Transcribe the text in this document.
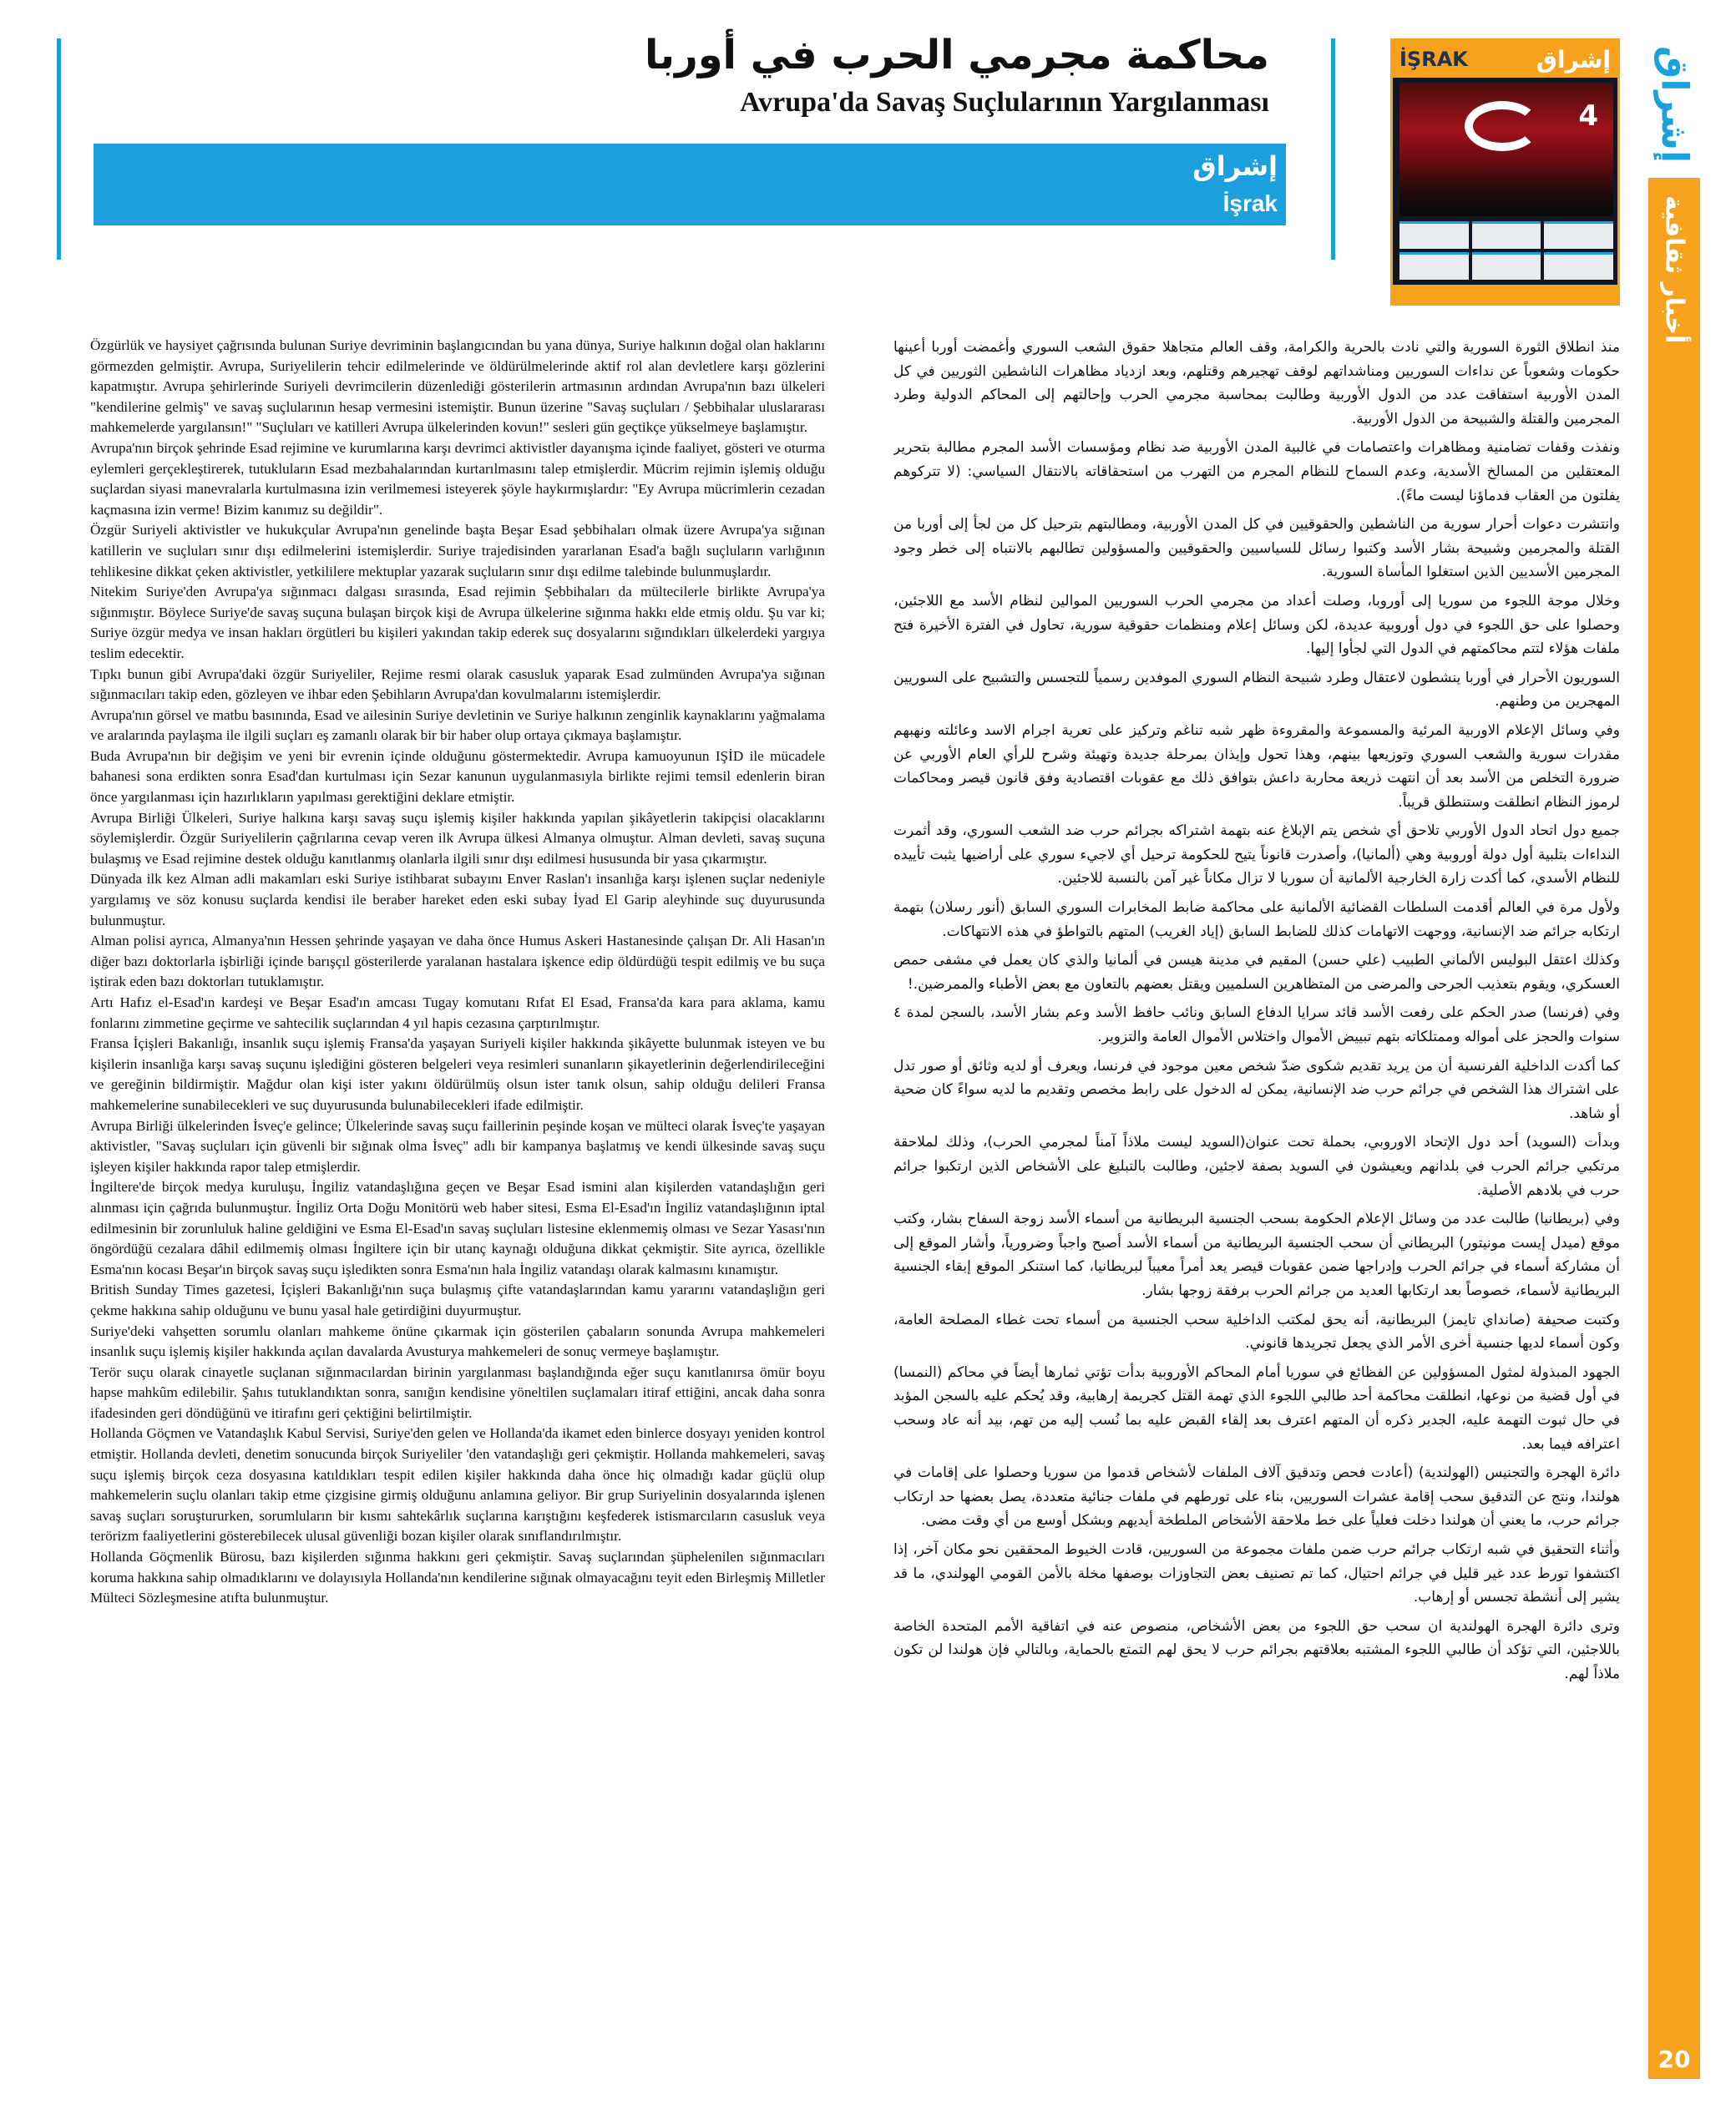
إشراق
أخبار ثقافية
20
İŞRAK	إشراق
4
محاكمة مجرمي الحرب في أوربا
Avrupa'da Savaş Suçlularının Yargılanması
إشراق
İşrak

Özgürlük ve haysiyet çağrısında bulunan Suriye devriminin başlangıcından bu yana dünya, Suriye halkının doğal olan haklarını görmezden gelmiştir. Avrupa, Suriyelilerin tehcir edilmelerinde ve öldürülmelerinde aktif rol alan devletlere karşı gözlerini kapatmıştır. Avrupa şehirlerinde Suriyeli devrimcilerin düzenlediği gösterilerin artmasının ardından Avrupa'nın bazı ülkeleri "kendilerine gelmiş" ve savaş suçlularının hesap vermesini istemiştir. Bunun üzerine "Savaş suçluları / Şebbihalar uluslararası mahkemelerde yargılansın!" "Suçluları ve katilleri Avrupa ülkelerinden kovun!" sesleri gün geçtikçe yükselmeye başlamıştır.

Avrupa'nın birçok şehrinde Esad rejimine ve kurumlarına karşı devrimci aktivistler dayanışma içinde faaliyet, gösteri ve oturma eylemleri gerçekleştirerek, tutukluların Esad mezbahalarından kurtarılmasını talep etmişlerdir. Mücrim rejimin işlemiş olduğu suçlardan siyasi manevralarla kurtulmasına izin verilmemesi isteyerek şöyle haykırmışlardır: "Ey Avrupa mücrimlerin cezadan kaçmasına izin verme! Bizim kanımız su değildir".

Özgür Suriyeli aktivistler ve hukukçular Avrupa'nın genelinde başta Beşar Esad şebbihaları olmak üzere Avrupa'ya sığınan katillerin ve suçluları sınır dışı edilmelerini istemişlerdir. Suriye trajedisinden yararlanan Esad'a bağlı suçluların varlığının tehlikesine dikkat çeken aktivistler, yetkililere mektuplar yazarak suçluların sınır dışı edilme talebinde bulunmuşlardır.

Nitekim Suriye'den Avrupa'ya sığınmacı dalgası sırasında, Esad rejimin Şebbihaları da mültecilerle birlikte Avrupa'ya sığınmıştır. Böylece Suriye'de savaş suçuna bulaşan birçok kişi de Avrupa ülkelerine sığınma hakkı elde etmiş oldu. Şu var ki; Suriye özgür medya ve insan hakları örgütleri bu kişileri yakından takip ederek suç dosyalarını sığındıkları ülkelerdeki yargıya teslim edecektir.

Tıpkı bunun gibi Avrupa'daki özgür Suriyeliler, Rejime resmi olarak casusluk yaparak Esad zulmünden Avrupa'ya sığınan sığınmacıları takip eden, gözleyen ve ihbar eden Şebihların Avrupa'dan kovulmalarını istemişlerdir.

Avrupa'nın görsel ve matbu basınında, Esad ve ailesinin Suriye devletinin ve Suriye halkının zenginlik kaynaklarını yağmalama ve aralarında paylaşma ile ilgili suçları eş zamanlı olarak bir bir haber olup ortaya çıkmaya başlamıştır.

Buda Avrupa'nın bir değişim ve yeni bir evrenin içinde olduğunu göstermektedir. Avrupa kamuoyunun IŞİD ile mücadele bahanesi sona erdikten sonra Esad'dan kurtulması için Sezar kanunun uygulanmasıyla birlikte rejimi temsil edenlerin biran önce yargılanması için hazırlıkların yapılması gerektiğini deklare etmiştir.

Avrupa Birliği Ülkeleri, Suriye halkına karşı savaş suçu işlemiş kişiler hakkında yapılan şikâyetlerin takipçisi olacaklarını söylemişlerdir. Özgür Suriyelilerin çağrılarına cevap veren ilk Avrupa ülkesi Almanya olmuştur. Alman devleti, savaş suçuna bulaşmış ve Esad rejimine destek olduğu kanıtlanmış olanlarla ilgili sınır dışı edilmesi hususunda bir yasa çıkarmıştır.

Dünyada ilk kez Alman adli makamları eski Suriye istihbarat subayını Enver Raslan'ı insanlığa karşı işlenen suçlar nedeniyle yargılamış ve söz konusu suçlarda kendisi ile beraber hareket eden eski subay İyad El Garip aleyhinde suç duyurusunda bulunmuştur.

Alman polisi ayrıca, Almanya'nın Hessen şehrinde yaşayan ve daha önce Humus Askeri Hastanesinde çalışan Dr. Ali Hasan'ın diğer bazı doktorlarla işbirliği içinde barışçıl gösterilerde yaralanan hastalara işkence edip öldürdüğü tespit edilmiş ve bu suça iştirak eden bazı doktorları tutuklamıştır.

Artı Hafız el-Esad'ın kardeşi ve Beşar Esad'ın amcası Tugay komutanı Rıfat El Esad, Fransa'da kara para aklama, kamu fonlarını zimmetine geçirme ve sahtecilik suçlarından 4 yıl hapis cezasına çarptırılmıştır.

Fransa İçişleri Bakanlığı, insanlık suçu işlemiş Fransa'da yaşayan Suriyeli kişiler hakkında şikâyette bulunmak isteyen ve bu kişilerin insanlığa karşı savaş suçunu işlediğini gösteren belgeleri veya resimleri sunanların şikayetlerinin değerlendirileceğini ve gereğinin bildirmiştir. Mağdur olan kişi ister yakını öldürülmüş olsun ister tanık olsun, sahip olduğu delileri Fransa mahkemelerine sunabilecekleri ve suç duyurusunda bulunabilecekleri ifade edilmiştir.

Avrupa Birliği ülkelerinden İsveç'e gelince; Ülkelerinde savaş suçu faillerinin peşinde koşan ve mülteci olarak İsveç'te yaşayan aktivistler, "Savaş suçluları için güvenli bir sığınak olma İsveç" adlı bir kampanya başlatmış ve kendi ülkesinde savaş suçu işleyen kişiler hakkında rapor talep etmişlerdir.

İngiltere'de birçok medya kuruluşu, İngiliz vatandaşlığına geçen ve Beşar Esad ismini alan kişilerden vatandaşlığın geri alınması için çağrıda bulunmuştur. İngiliz Orta Doğu Monitörü web haber sitesi, Esma El-Esad'ın İngiliz vatandaşlığının iptal edilmesinin bir zorunluluk haline geldiğini ve Esma El-Esad'ın savaş suçluları listesine eklenmemiş olması ve Sezar Yasası'nın öngördüğü cezalara dâhil edilmemiş olması İngiltere için bir utanç kaynağı olduğuna dikkat çekmiştir. Site ayrıca, özellikle Esma'nın kocası Beşar'ın birçok savaş suçu işledikten sonra Esma'nın hala İngiliz vatandaşı olarak kalmasını kınamıştır.

British Sunday Times gazetesi, İçişleri Bakanlığı'nın suça bulaşmış çifte vatandaşlarından kamu yararını vatandaşlığın geri çekme hakkına sahip olduğunu ve bunu yasal hale getirdiğini duyurmuştur.

Suriye'deki vahşetten sorumlu olanları mahkeme önüne çıkarmak için gösterilen çabaların sonunda Avrupa mahkemeleri insanlık suçu işlemiş kişiler hakkında açılan davalarda Avusturya mahkemeleri de sonuç vermeye başlamıştır.

Terör suçu olarak cinayetle suçlanan sığınmacılardan birinin yargılanması başlandığında eğer suçu kanıtlanırsa ömür boyu hapse mahkûm edilebilir. Şahıs tutuklandıktan sonra, sanığın kendisine yöneltilen suçlamaları itiraf ettiğini, ancak daha sonra ifadesinden geri döndüğünü ve itirafını geri çektiğini belirtilmiştir.

Hollanda Göçmen ve Vatandaşlık Kabul Servisi, Suriye'den gelen ve Hollanda'da ikamet eden binlerce dosyayı yeniden kontrol etmiştir. Hollanda devleti, denetim sonucunda birçok Suriyeliler 'den vatandaşlığı geri çekmiştir. Hollanda mahkemeleri, savaş suçu işlemiş birçok ceza dosyasına katıldıkları tespit edilen kişiler hakkında daha önce hiç olmadığı kadar güçlü olup mahkemelerin suçlu olanları takip etme çizgisine girmiş olduğunu anlamına geliyor. Bir grup Suriyelinin dosyalarında işlenen savaş suçları soruştururken, sorumluların bir kısmı sahtekârlık suçlarına karıştığını keşfederek istismarcıların casusluk veya terörizm faaliyetlerini gösterebilecek ulusal güvenliği bozan kişiler olarak sınıflandırılmıştır.

Hollanda Göçmenlik Bürosu, bazı kişilerden sığınma hakkını geri çekmiştir. Savaş suçlarından şüphelenilen sığınmacıları koruma hakkına sahip olmadıklarını ve dolayısıyla Hollanda'nın kendilerine sığınak olmayacağını teyit eden Birleşmiş Milletler Mülteci Sözleşmesine atıfta bulunmuştur.

منذ انطلاق الثورة السورية والتي نادت بالحرية والكرامة، وقف العالم متجاهلا حقوق الشعب السوري وأغمضت أوربا أعينها حكومات وشعوباً عن نداءات السوريين ومناشداتهم لوقف تهجيرهم وقتلهم، وبعد ازدياد مظاهرات الناشطين الثوريين في كل المدن الأوربية استفاقت عدد من الدول الأوربية وطالبت بمحاسبة مجرمي الحرب وإحالتهم إلى المحاكم الدولية وطرد المجرمين والقتلة والشبيحة من الدول الأوربية.

ونفذت وقفات تضامنية ومظاهرات واعتصامات في غالبية المدن الأوربية ضد نظام ومؤسسات الأسد المجرم مطالبة بتحرير المعتقلين من المسالخ الأسدية، وعدم السماح للنظام المجرم من التهرب من استحقاقاته بالانتقال السياسي: (لا تتركوهم يفلتون من العقاب فدماؤنا ليست ماءً).

وانتشرت دعوات أحرار سورية من الناشطين والحقوقيين في كل المدن الأوربية، ومطالبتهم بترحيل كل من لجأ إلى أوربا من القتلة والمجرمين وشبيحة بشار الأسد وكتبوا رسائل للسياسيين والحقوقيين والمسؤولين تطالبهم بالانتباه إلى خطر وجود المجرمين الأسديين الذين استغلوا المأساة السورية.

وخلال موجة اللجوء من سوريا إلى أوروبا، وصلت أعداد من مجرمي الحرب السوريين الموالين لنظام الأسد مع اللاجئين، وحصلوا على حق اللجوء في دول أوروبية عديدة، لكن وسائل إعلام ومنظمات حقوقية سورية، تحاول في الفترة الأخيرة فتح ملفات هؤلاء لتتم محاكمتهم في الدول التي لجأوا إليها.

السوريون الأحرار في أوربا ينشطون لاعتقال وطرد شبيحة النظام السوري الموفدين رسمياً للتجسس والتشبيح على السوريين المهجرين من وطنهم.

وفي وسائل الإعلام الاوربية المرئية والمسموعة والمقروءة ظهر شبه تناغم وتركيز على تعرية اجرام الاسد وعائلته ونهبهم مقدرات سورية والشعب السوري وتوزيعها بينهم، وهذا تحول وإيذان بمرحلة جديدة وتهيئة وشرح للرأي العام الأوربي عن ضرورة التخلص من الأسد بعد أن انتهت ذريعة محاربة داعش بتوافق ذلك مع عقوبات اقتصادية وفق قانون قيصر ومحاكمات لرموز النظام انطلقت وستنطلق قريباً.

جميع دول اتحاد الدول الأوربي تلاحق أي شخص يتم الإبلاغ عنه بتهمة اشتراكه بجرائم حرب ضد الشعب السوري، وقد أثمرت النداءات بتلبية أول دولة أوروبية وهي (ألمانيا)، وأصدرت قانوناً يتيح للحكومة ترحيل أي لاجيء سوري على أراضيها يثبت تأييده للنظام الأسدي، كما أكدت زارة الخارجية الألمانية أن سوريا لا تزال مكاناً غير آمن بالنسبة للاجئين.

ولأول مرة في العالم أقدمت السلطات القضائية الألمانية على محاكمة ضابط المخابرات السوري السابق (أنور رسلان) بتهمة ارتكابه جرائم ضد الإنسانية، ووجهت الاتهامات كذلك للضابط السابق (إياد الغريب) المتهم بالتواطؤ في هذه الانتهاكات.

وكذلك اعتقل البوليس الألماني الطبيب (علي حسن) المقيم في مدينة هيسن في ألمانيا والذي كان يعمل في مشفى حمص العسكري، ويقوم بتعذيب الجرحى والمرضى من المتظاهرين السلميين ويقتل بعضهم بالتعاون مع بعض الأطباء والممرضين.!

وفي (فرنسا) صدر الحكم على رفعت الأسد قائد سرايا الدفاع السابق ونائب حافظ الأسد وعم بشار الأسد، بالسجن لمدة ٤ سنوات والحجز على أمواله وممتلكاته بتهم تبييض الأموال واختلاس الأموال العامة والتزوير.

كما أكدت الداخلية الفرنسية أن من يريد تقديم شكوى ضدّ شخص معين موجود في فرنسا، ويعرف أو لديه وثائق أو صور تدل على اشتراك هذا الشخص في جرائم حرب ضد الإنسانية، يمكن له الدخول على رابط مخصص وتقديم ما لديه سواءً كان ضحية أو شاهد.

وبدأت (السويد) أحد دول الإتحاد الاوروبي، بحملة تحت عنوان(السويد ليست ملاذاً آمناً لمجرمي الحرب)، وذلك لملاحقة مرتكبي جرائم الحرب في بلدانهم ويعيشون في السويد بصفة لاجئين، وطالبت بالتبليغ على الأشخاص الذين ارتكبوا جرائم حرب في بلادهم الأصلية.

وفي (بريطانيا) طالبت عدد من وسائل الإعلام الحكومة بسحب الجنسية البريطانية من أسماء الأسد زوجة السفاح بشار، وكتب موقع (ميدل إيست مونيتور) البريطاني أن سحب الجنسية البريطانية من أسماء الأسد أصبح واجباً وضرورياً، وأشار الموقع إلى أن مشاركة أسماء في جرائم الحرب وإدراجها ضمن عقوبات قيصر يعد أمراً معيباً لبريطانيا، كما استنكر الموقع إبقاء الجنسية البريطانية لأسماء، خصوصاً بعد ارتكابها العديد من جرائم الحرب برفقة زوجها بشار.

وكتبت صحيفة (صانداي تايمز) البريطانية، أنه يحق لمكتب الداخلية سحب الجنسية من أسماء تحت غطاء المصلحة العامة، وكون أسماء لديها جنسية أخرى الأمر الذي يجعل تجريدها قانوني.

الجهود المبذولة لمثول المسؤولين عن الفظائع في سوريا أمام المحاكم الأوروبية بدأت تؤتي ثمارها أيضاً في محاكم (النمسا) في أول قضية من نوعها، انطلقت محاكمة أحد طالبي اللجوء الذي تهمة القتل كجريمة إرهابية، وقد يُحكم عليه بالسجن المؤبد في حال ثبوت التهمة عليه، الجدير ذكره أن المتهم اعترف بعد إلقاء القبض عليه بما نُسب إليه من تهم، بيد أنه عاد وسحب اعترافه فيما بعد.

دائرة الهجرة والتجنيس (الهولندية) (أعادت فحص وتدقيق آلاف الملفات لأشخاص قدموا من سوريا وحصلوا على إقامات في هولندا، ونتج عن التدقيق سحب إقامة عشرات السوريين، بناء على تورطهم في ملفات جنائية متعددة، يصل بعضها حد ارتكاب جرائم حرب، ما يعني أن هولندا دخلت فعلياً على خط ملاحقة الأشخاص الملطخة أيديهم وبشكل أوسع من أي وقت مضى.

وأثناء التحقيق في شبه ارتكاب جرائم حرب ضمن ملفات مجموعة من السوريين، قادت الخيوط المحققين نحو مكان آخر، إذا اكتشفوا تورط عدد غير قليل في جرائم احتيال، كما تم تصنيف بعض التجاوزات بوصفها مخلة بالأمن القومي الهولندي، ما قد يشير إلى أنشطة تجسس أو إرهاب.

وترى دائرة الهجرة الهولندية ان سحب حق اللجوء من بعض الأشخاص، منصوص عنه في اتفاقية الأمم المتحدة الخاصة باللاجئين، التي تؤكد أن طالبي اللجوء المشتبه بعلاقتهم بجرائم حرب لا يحق لهم التمتع بالحماية، وبالتالي فإن هولندا لن تكون ملاذاً لهم.
